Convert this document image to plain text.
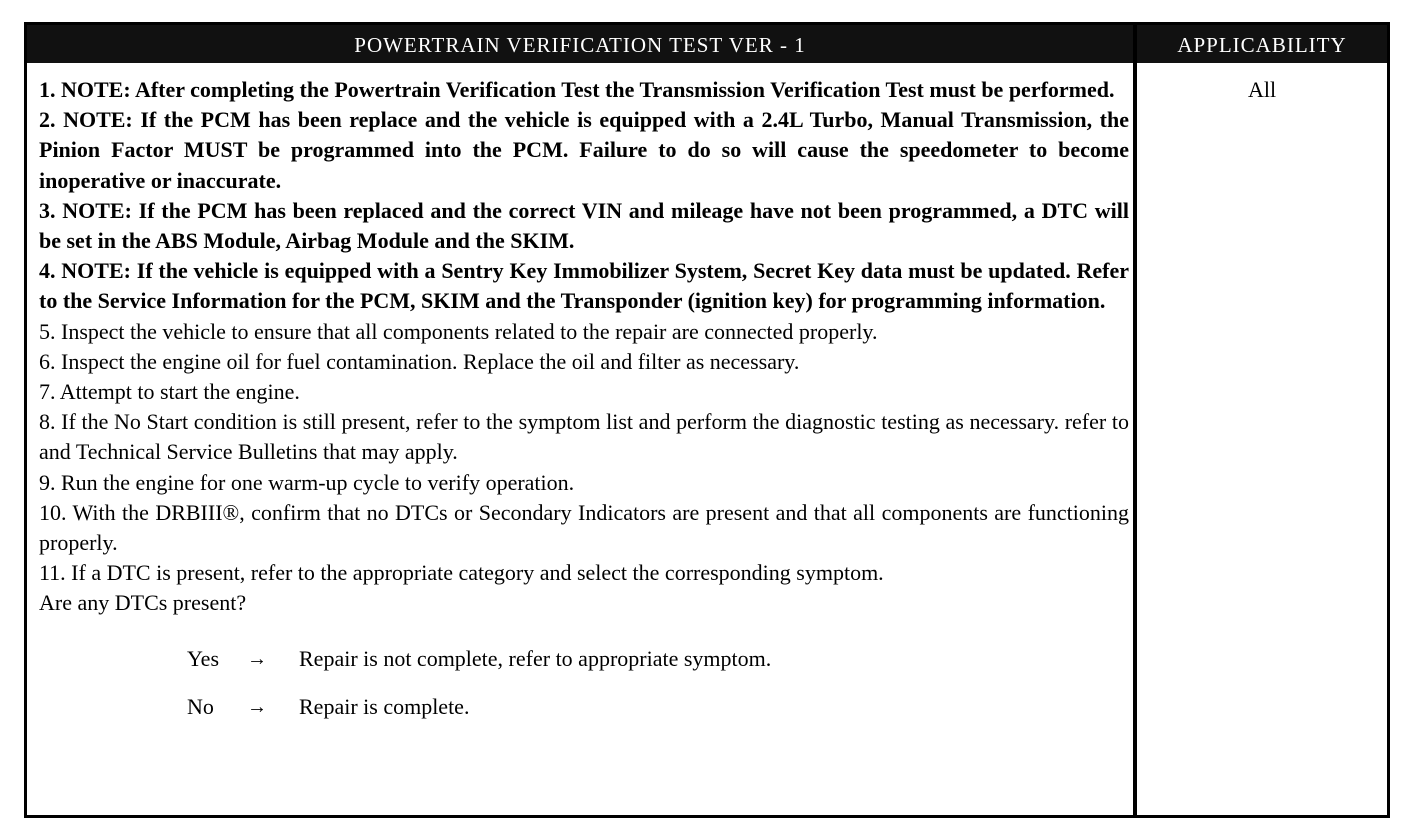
POWERTRAIN VERIFICATION TEST VER - 1	APPLICABILITY
1. NOTE: After completing the Powertrain Verification Test the Transmission Verification Test must be performed.
2. NOTE: If the PCM has been replace and the vehicle is equipped with a 2.4L Turbo, Manual Transmission, the Pinion Factor MUST be programmed into the PCM. Failure to do so will cause the speedometer to become inoperative or inaccurate.
3. NOTE: If the PCM has been replaced and the correct VIN and mileage have not been programmed, a DTC will be set in the ABS Module, Airbag Module and the SKIM.
4. NOTE: If the vehicle is equipped with a Sentry Key Immobilizer System, Secret Key data must be updated. Refer to the Service Information for the PCM, SKIM and the Transponder (ignition key) for programming information.
5. Inspect the vehicle to ensure that all components related to the repair are connected properly.
6. Inspect the engine oil for fuel contamination. Replace the oil and filter as necessary.
7. Attempt to start the engine.
8. If the No Start condition is still present, refer to the symptom list and perform the diagnostic testing as necessary. refer to and Technical Service Bulletins that may apply.
9. Run the engine for one warm-up cycle to verify operation.
10. With the DRBIII®, confirm that no DTCs or Secondary Indicators are present and that all components are functioning properly.
11. If a DTC is present, refer to the appropriate category and select the corresponding symptom.
Are any DTCs present?
Yes → Repair is not complete, refer to appropriate symptom.
No → Repair is complete.
All
